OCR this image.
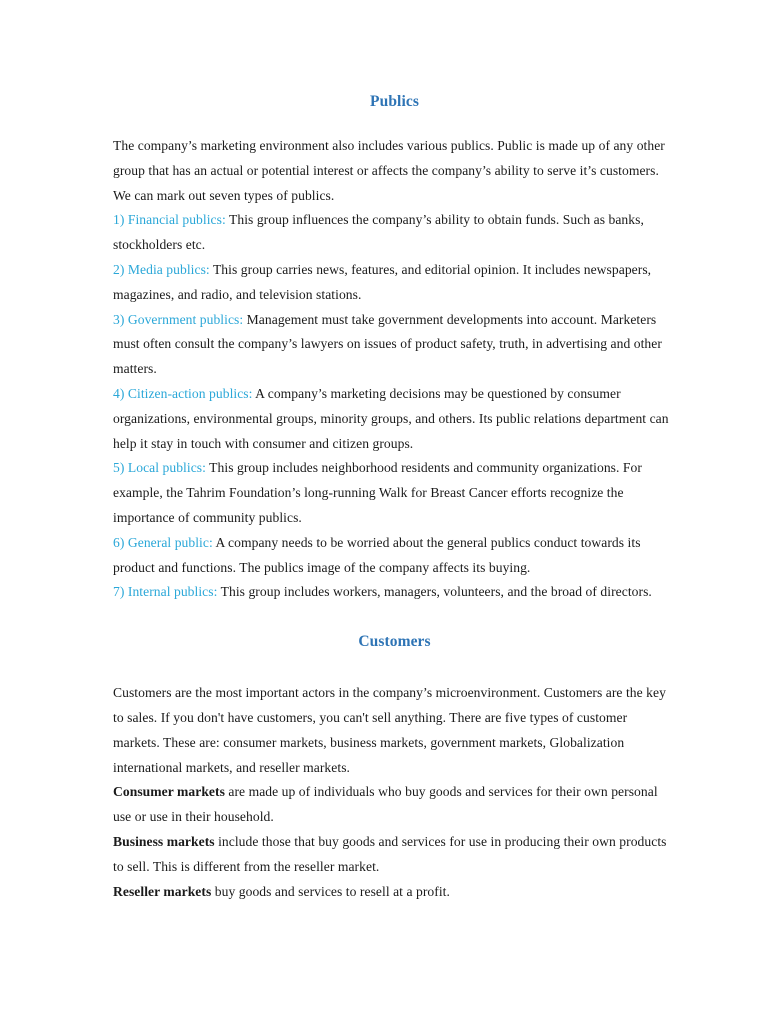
Publics

The company’s marketing environment also includes various publics. Public is made up of any other group that has an actual or potential interest or affects the company’s ability to serve it’s customers. We can mark out seven types of publics.

1) Financial publics: This group influences the company’s ability to obtain funds. Such as banks, stockholders etc.

2) Media publics: This group carries news, features, and editorial opinion. It includes newspapers, magazines, and radio, and television stations.

3) Government publics: Management must take government developments into account. Marketers must often consult the company’s lawyers on issues of product safety, truth, in advertising and other matters.

4) Citizen-action publics: A company’s marketing decisions may be questioned by consumer organizations, environmental groups, minority groups, and others. Its public relations department can help it stay in touch with consumer and citizen groups.

5) Local publics: This group includes neighborhood residents and community organizations. For example, the Tahrim Foundation’s long-running Walk for Breast Cancer efforts recognize the importance of community publics.

6) General public: A company needs to be worried about the general publics conduct towards its product and functions. The publics image of the company affects its buying.

7) Internal publics: This group includes workers, managers, volunteers, and the broad of directors.

Customers

Customers are the most important actors in the company’s microenvironment. Customers are the key to sales. If you don't have customers, you can't sell anything. There are five types of customer markets. These are: consumer markets, business markets, government markets, Globalization international markets, and reseller markets.

Consumer markets are made up of individuals who buy goods and services for their own personal use or use in their household.

Business markets include those that buy goods and services for use in producing their own products to sell. This is different from the reseller market.

Reseller markets buy goods and services to resell at a profit.
